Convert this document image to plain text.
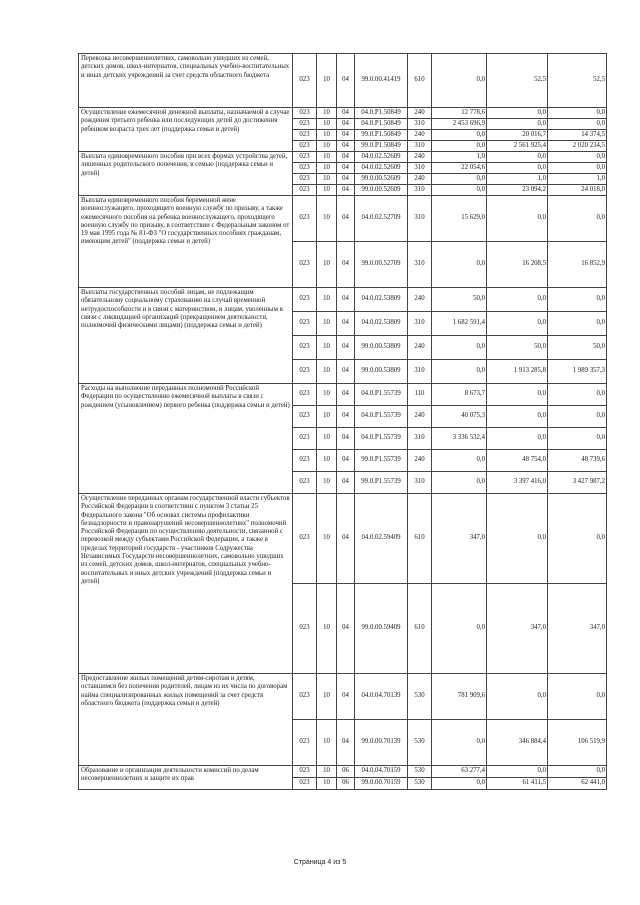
Перевозка несовершеннолетних, самовольно ушедших из семей, детских домов, школ-интернатов, специальных учебно-воспитательных и иных детских учреждений за счет средств областного бюджета	023	10	04	99.0.00.41419	610	0,0	52,5	52,5
Осуществление ежемесячной денежной выплаты, назначаемой в случае рождения третьего ребенка или последующих детей до достижения ребенком возраста трех лет (поддержка семьи и детей)	023	10	04	04.0.P1.50849	240	12 778,6	0,0	0,0
	023	10	04	04.0.P1.50849	310	2 453 696,9	0,0	0,0
	023	10	04	99.0.P1.50849	240	0,0	20 016,7	14 374,5
	023	10	04	99.0.P1.50849	310	0,0	2 561 925,4	2 020 234,5
Выплата единовременного пособия при всех формах устройства детей, лишенных родительского попечения, в семью (поддержка семьи и детей)	023	10	04	04.0.02.52609	240	1,0	0,0	0,0
	023	10	04	04.0.02.52609	310	22 054,6	0,0	0,0
	023	10	04	99.0.00.52609	240	0,0	1,0	1,0
	023	10	04	99.0.00.52609	310	0,0	23 094,2	24 018,0
Выплата единовременного пособия беременной жене военнослужащего, проходящего военную службу по призыву, а также ежемесячного пособия на ребенка военнослужащего, проходящего военную службу по призыву, в соответствии с Федеральным законом от 19 мая 1995 года № 81-ФЗ "О государственных пособиях гражданам, имеющим детей" (поддержка семьи и детей)	023	10	04	04.0.02.52709	310	15 629,0	0,0	0,0
	023	10	04	99.0.00.52709	310	0,0	16 208,5	16 852,9
Выплаты государственных пособий лицам, не подлежащим обязательному социальному страхованию на случай временной нетрудоспособности и в связи с материнством, и лицам, уволенным в связи с ликвидацией организаций (прекращением деятельности, полномочий физическими лицами) (поддержка семьи и детей)	023	10	04	04.0.02.53809	240	50,0	0,0	0,0
	023	10	04	04.0.02.53809	310	1 682 591,4	0,0	0,0
	023	10	04	99.0.00.53809	240	0,0	50,0	50,0
	023	10	04	99.0.00.53809	310	0,0	1 913 285,8	1 989 357,3
Расходы на выполнение переданных полномочий Российской Федерации по осуществлению ежемесячной выплаты в связи с рождением (усыновлением) первого ребенка (поддержка семьи и детей)	023	10	04	04.0.P1.55739	110	8 673,7	0,0	0,0
	023	10	04	04.0.P1.55739	240	40 075,3	0,0	0,0
	023	10	04	04.0.P1.55739	310	3 336 532,4	0,0	0,0
	023	10	04	99.0.P1.55739	240	0,0	48 754,0	48 739,6
	023	10	04	99.0.P1.55739	310	0,0	3 397 416,0	3 427 987,2
Осуществление переданных органам государственной власти субъектов Российской Федерации в соответствии с пунктом 3 статьи 25 Федерального закона "Об основах системы профилактики безнадзорности и правонарушений несовершеннолетних" полномочий Российской Федерации по осуществлению деятельности, связанной с перевозкой между субъектами Российской Федерации, а также в пределах территорий государств - участников Содружества Независимых Государств несовершеннолетних, самовольно ушедших из семей, детских домов, школ-интернатов, специальных учебно-воспитательных и иных детских учреждений (поддержка семьи и детей)	023	10	04	04.0.02.59409	610	347,0	0,0	0,0
	023	10	04	99.0.00.59409	610	0,0	347,0	347,0
Предоставление жилых помещений детям-сиротам и детям, оставшимся без попечения родителей, лицам из их числа по договорам найма специализированных жилых помещений за счет средств областного бюджета (поддержка семьи и детей)	023	10	04	04.0.04.70139	530	781 909,6	0,0	0,0
	023	10	04	99.0.00.70139	530	0,0	346 884,4	106 519,9
Образование и организация деятельности комиссий по делам несовершеннолетних и защите их прав	023	10	06	04.0.04.70159	530	63 277,4	0,0	0,0
	023	10	06	99.0.00.70159	530	0,0	61 411,5	62 441,0
Страница 4 из 5
